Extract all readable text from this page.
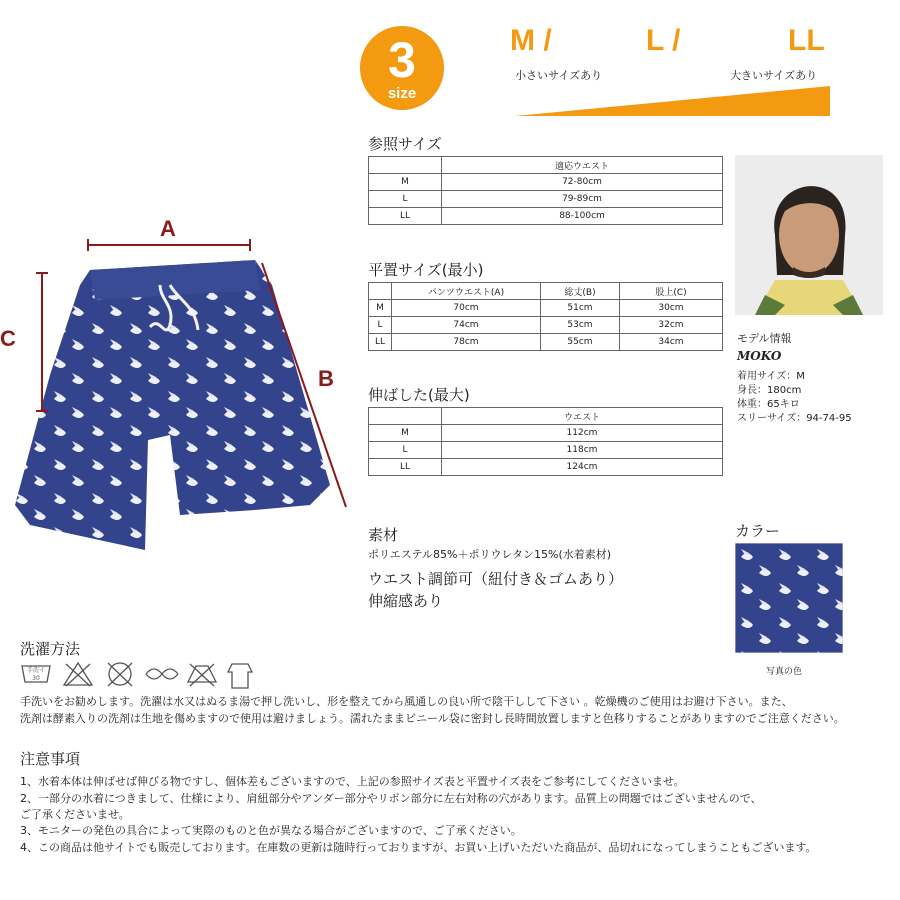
3
size
M /	L /	LL
小さいサイズあり	大きいサイズあり
A
B
C
参照サイズ
	適応ウエスト
M	72-80cm
L	79-89cm
LL	88-100cm
平置サイズ(最小)
	パンツウエスト(A)	総丈(B)	股上(C)
M	70cm	51cm	30cm
L	74cm	53cm	32cm
LL	78cm	55cm	34cm
伸ばした(最大)
	ウエスト
M	112cm
L	118cm
LL	124cm
モデル情報
MOKO
着用サイズ：M
身長：180cm
体重：65キロ
スリーサイズ：94-74-95
素材
ポリエステル85%＋ポリウレタン15%(水着素材)
ウエスト調節可（紐付き＆ゴムあり）
伸縮感あり
カラー
写真の色
洗濯方法
手洗イ
30
手洗いをお勧めします。洗濯は水又はぬるま湯で押し洗いし、形を整えてから風通しの良い所で陰干しして下さい 。乾燥機のご使用はお避け下さい。また、
洗剤は酵素入りの洗剤は生地を傷めますので使用は避けましょう。濡れたままビニール袋に密封し長時間放置しますと色移りすることがありますのでご注意ください。
注意事項
1、水着本体は伸ばせば伸びる物ですし、個体差もございますので、上記の参照サイズ表と平置サイズ表をご参考にしてくださいませ。
2、一部分の水着につきまして、仕様により、肩紐部分やアンダー部分やリボン部分に左右対称の穴があります。品質上の問題ではございませんので、
ご了承くださいませ。
3、モニターの発色の具合によって実際のものと色が異なる場合がございますので、ご了承ください。
4、この商品は他サイトでも販売しております。在庫数の更新は随時行っておりますが、お買い上げいただいた商品が、品切れになってしまうこともございます。
